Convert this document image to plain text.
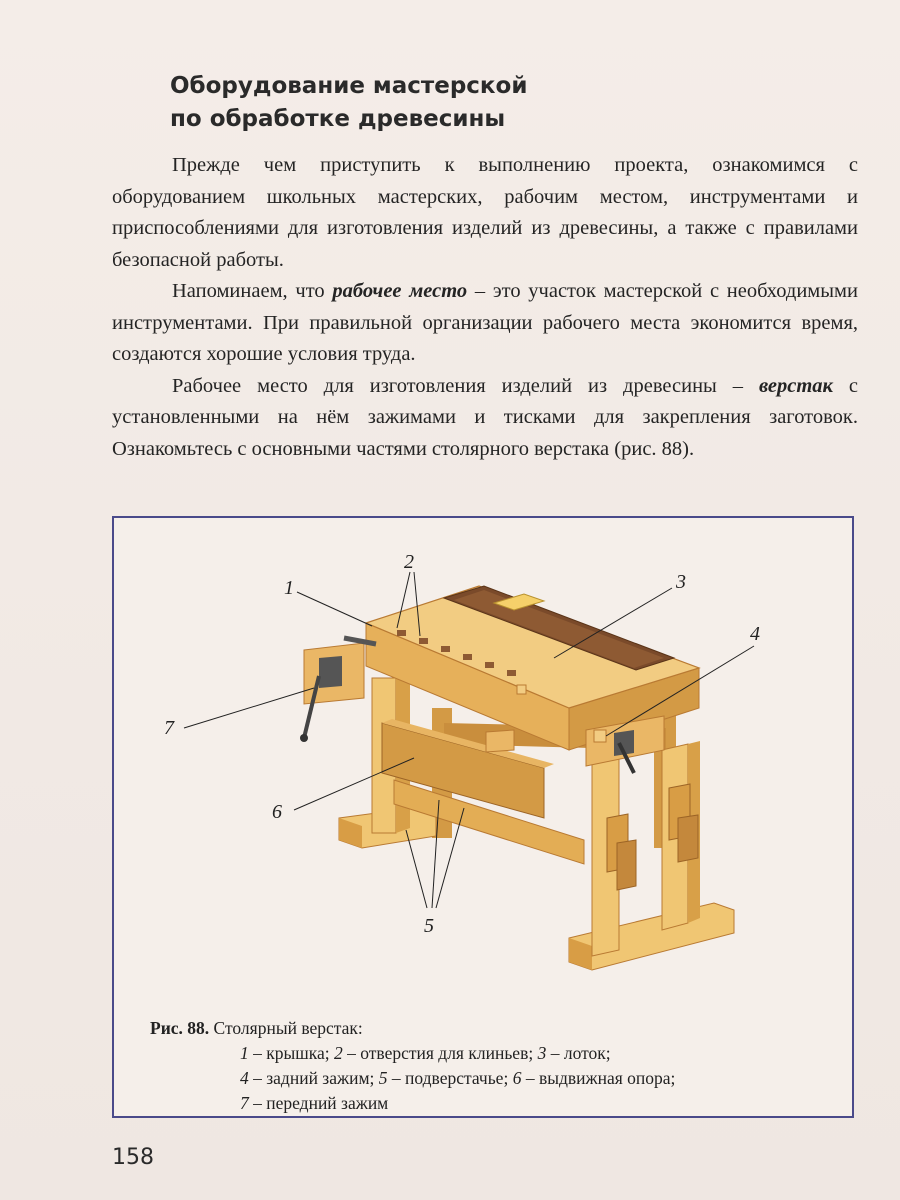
Оборудование мастерской
по обработке древесины

Прежде чем приступить к выполнению проекта, ознакомимся с оборудованием школьных мастерских, рабочим местом, инструментами и приспособлениями для изготовления изделий из древесины, а также с правилами безопасной работы.

Напоминаем, что рабочее место – это участок мастерской с необходимыми инструментами. При правильной организации рабочего места экономится время, создаются хорошие условия труда.

Рабочее место для изготовления изделий из древесины – верстак с установленными на нём зажимами и тисками для закрепления заготовок. Ознакомьтесь с основными частями столярного верстака (рис. 88).

1
2
3
4
5
6
7
Рис. 88. Столярный верстак:
1 – крышка; 2 – отверстия для клиньев; 3 – лоток;
4 – задний зажим; 5 – подверстачье; 6 – выдвижная опора;
7 – передний зажим
158
